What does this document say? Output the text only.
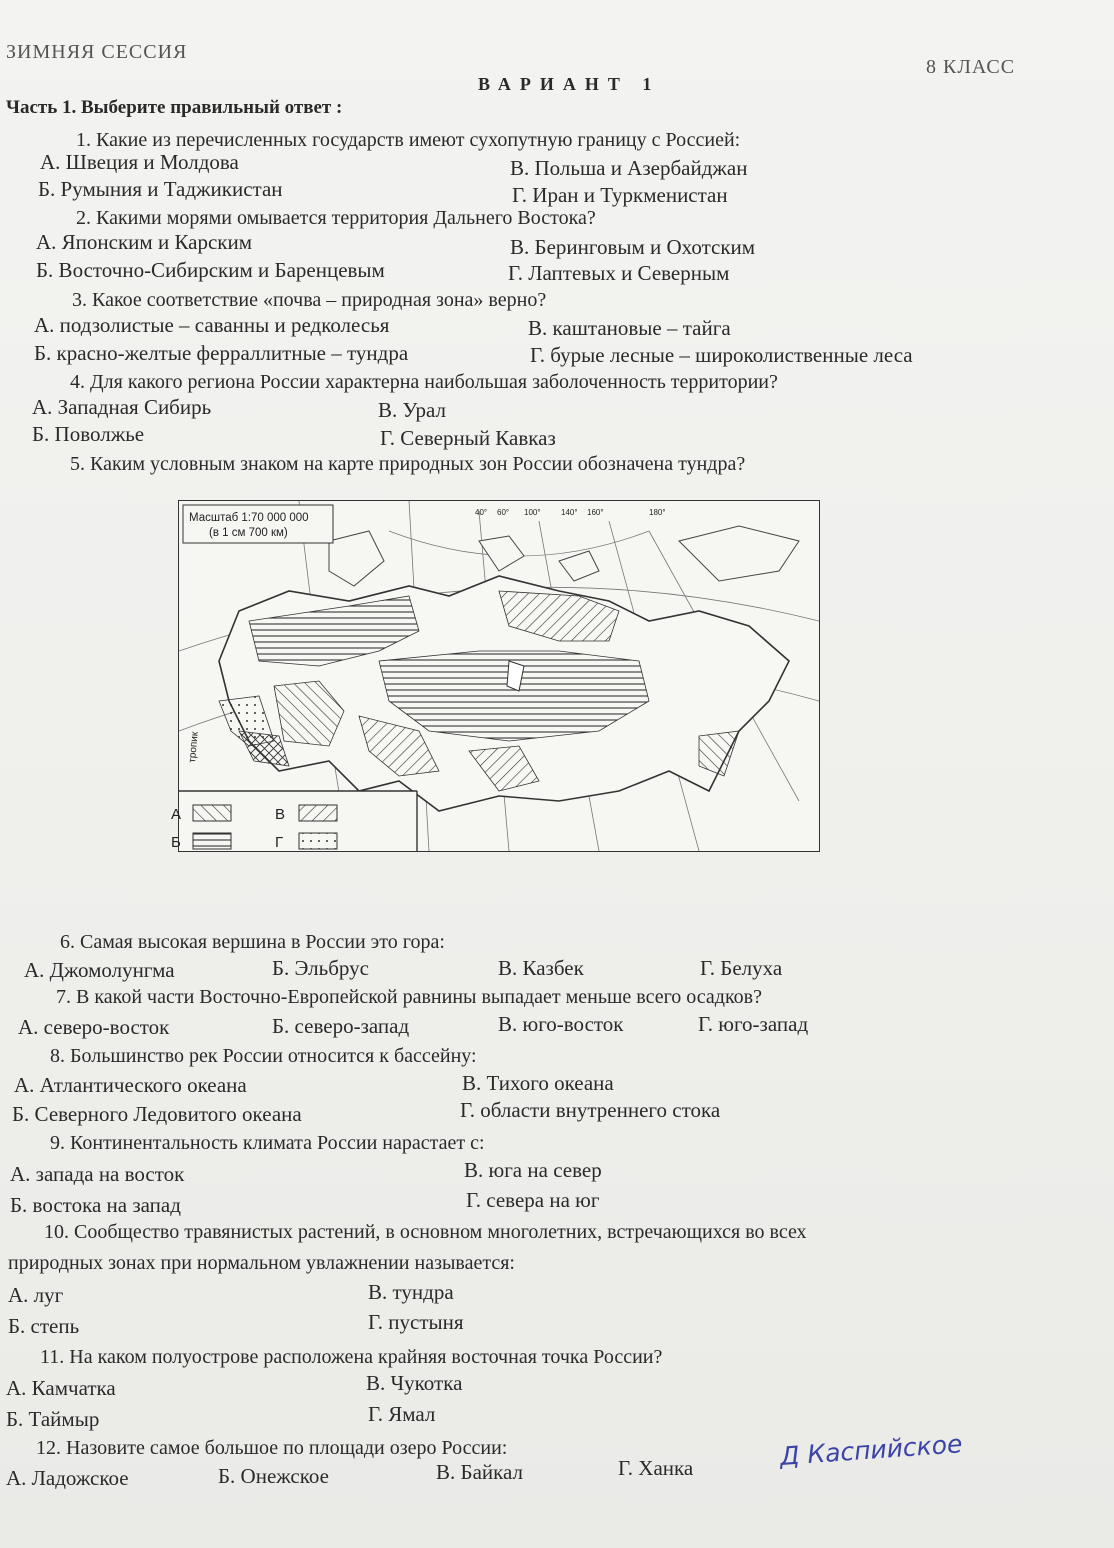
ЗИМНЯЯ СЕССИЯ
8 КЛАСС
ВАРИАНТ 1
Часть 1. Выберите правильный ответ :
1. Какие из перечисленных государств имеют сухопутную границу с Россией:
А. Швеция и Молдова	В. Польша и Азербайджан
Б. Румыния и Таджикистан	Г. Иран и Туркменистан
2. Какими морями омывается территория Дальнего Востока?
А. Японским и Карским	В. Беринговым и Охотским
Б. Восточно-Сибирским и Баренцевым	Г. Лаптевых и Северным
3. Какое соответствие «почва – природная зона» верно?
А. подзолистые – саванны и редколесья	В. каштановые – тайга
Б. красно-желтые ферраллитные – тундра	Г. бурые лесные – широколиственные леса
4. Для какого региона России характерна наибольшая заболоченность территории?
А. Западная Сибирь	В. Урал
Б. Поволжье	Г. Северный Кавказ
5. Каким условным знаком на карте природных зон России обозначена тундра?
Масштаб 1:70 000 000
(в 1 см 700 км)
40° 60° 100°	140° 160°	180°
тропик
А
Б
В
Г
6. Самая высокая вершина в России это гора:
А. Джомолунгма	Б. Эльбрус	В. Казбек	Г. Белуха
7. В какой части Восточно-Европейской равнины выпадает меньше всего осадков?
А. северо-восток	Б. северо-запад	В. юго-восток	Г. юго-запад
8. Большинство рек России относится к бассейну:
А. Атлантического океана	В. Тихого океана
Б. Северного Ледовитого океана	Г. области внутреннего стока
9. Континентальность климата России нарастает с:
А. запада на восток	В. юга на север
Б. востока на запад	Г. севера на юг
10. Сообщество травянистых растений, в основном многолетних, встречающихся во всех
природных зонах при нормальном увлажнении называется:
А. луг	В. тундра
Б. степь	Г. пустыня
11. На каком полуострове расположена крайняя восточная точка России?
А. Камчатка	В. Чукотка
Б. Таймыр	Г. Ямал
12. Назовите самое большое по площади озеро России:
А. Ладожское	Б. Онежское	В. Байкал	Г. Ханка	Д Каспийское
